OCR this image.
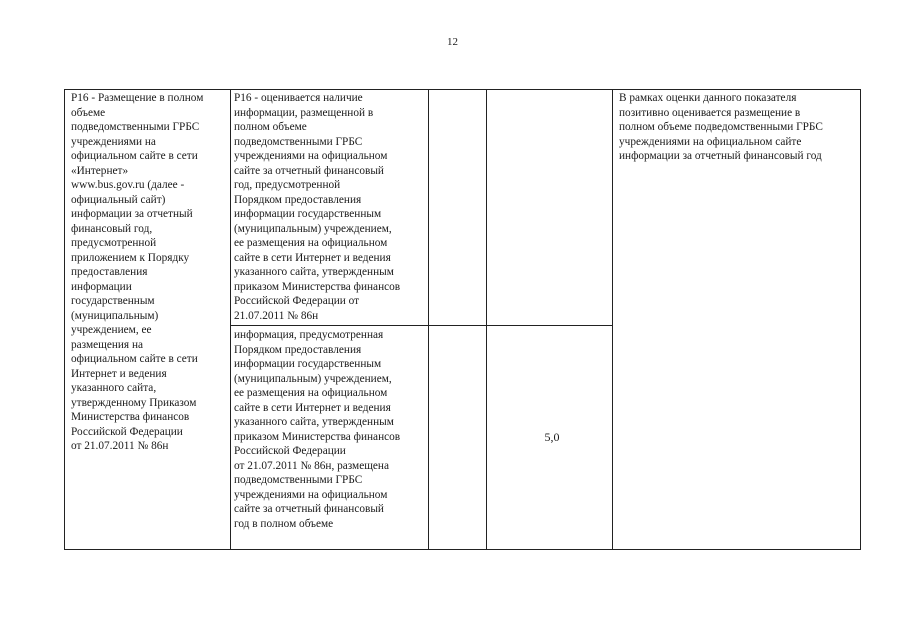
12
Р16 - Размещение в полном
объеме
подведомственными ГРБС
учреждениями на
официальном сайте в сети
«Интернет»
www.bus.gov.ru (далее -
официальный сайт)
информации за отчетный
финансовый год,
предусмотренной
приложением к Порядку
предоставления
информации
государственным
(муниципальным)
учреждением, ее
размещения на
официальном сайте в сети
Интернет и ведения
указанного сайта,
утвержденному Приказом
Министерства финансов
Российской Федерации
от 21.07.2011 № 86н
Р16 - оценивается наличие
информации, размещенной в
полном объеме
подведомственными ГРБС
учреждениями на официальном
сайте за отчетный финансовый
год, предусмотренной
Порядком предоставления
информации государственным
(муниципальным) учреждением,
ее размещения на официальном
сайте в сети Интернет и ведения
указанного сайта, утвержденным
приказом Министерства финансов
Российской Федерации от
21.07.2011 № 86н
информация, предусмотренная
Порядком предоставления
информации государственным
(муниципальным) учреждением,
ее размещения на официальном
сайте в сети Интернет и ведения
указанного сайта, утвержденным
приказом Министерства финансов
Российской Федерации
от 21.07.2011 № 86н, размещена
подведомственными ГРБС
учреждениями на официальном
сайте за отчетный финансовый
год в полном объеме
5,0
В рамках оценки данного показателя
позитивно оценивается размещение в
полном объеме подведомственными ГРБС
учреждениями на официальном сайте
информации за отчетный финансовый год
